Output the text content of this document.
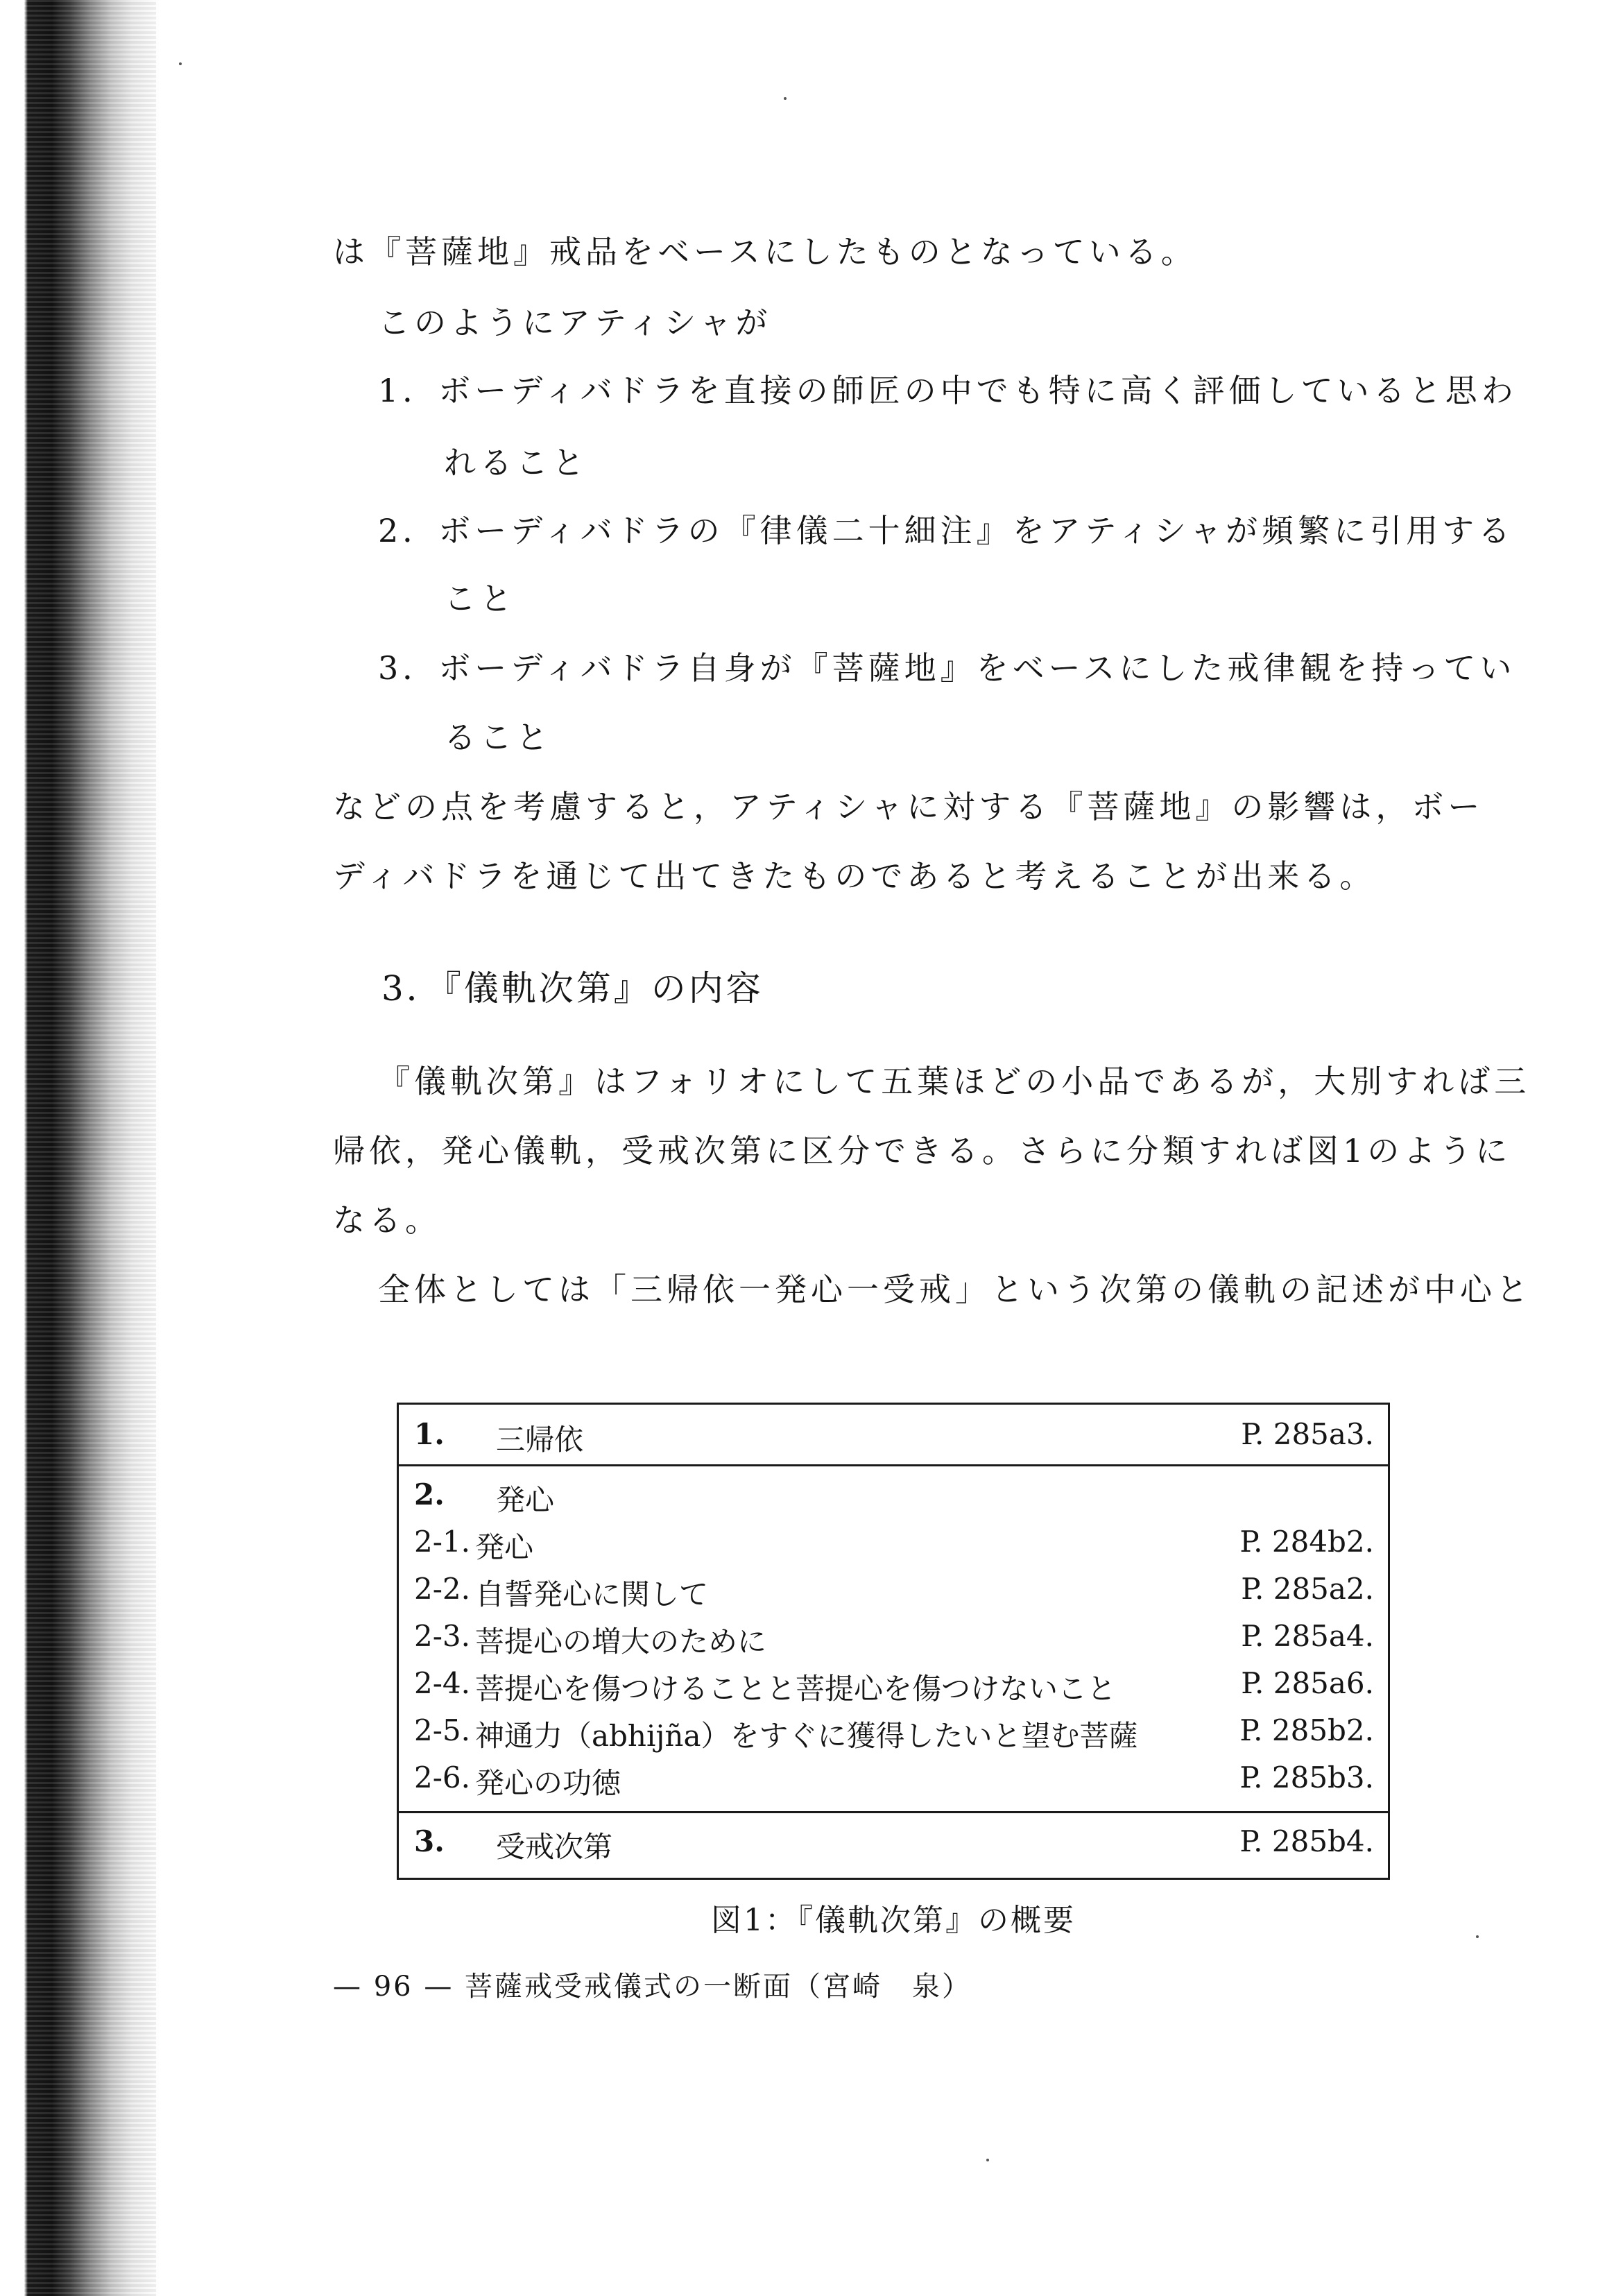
は『菩薩地』戒品をベースにしたものとなっている。
このようにアティシャが
1．ボーディバドラを直接の師匠の中でも特に高く評価していると思わ
れること
2．ボーディバドラの『律儀二十細注』をアティシャが頻繁に引用する
こと
3．ボーディバドラ自身が『菩薩地』をベースにした戒律観を持ってい
ること
などの点を考慮すると，アティシャに対する『菩薩地』の影響は，ボー
ディバドラを通じて出てきたものであると考えることが出来る。
3．『儀軌次第』の内容
『儀軌次第』はフォリオにして五葉ほどの小品であるが，大別すれば三
帰依，発心儀軌，受戒次第に区分できる。さらに分類すれば図1のように
なる。
全体としては「三帰依一発心一受戒」という次第の儀軌の記述が中心と
1. 三帰依	P. 285a3.
2. 発心
2-1. 発心	P. 284b2.
2-2. 自誓発心に関して	P. 285a2.
2-3. 菩提心の増大のために	P. 285a4.
2-4. 菩提心を傷つけることと菩提心を傷つけないこと	P. 285a6.
2-5. 神通力（abhijña）をすぐに獲得したいと望む菩薩	P. 285b2.
2-6. 発心の功徳	P. 285b3.
3. 受戒次第	P. 285b4.
図1：『儀軌次第』の概要
— 96 — 菩薩戒受戒儀式の一断面（宮崎　泉）
